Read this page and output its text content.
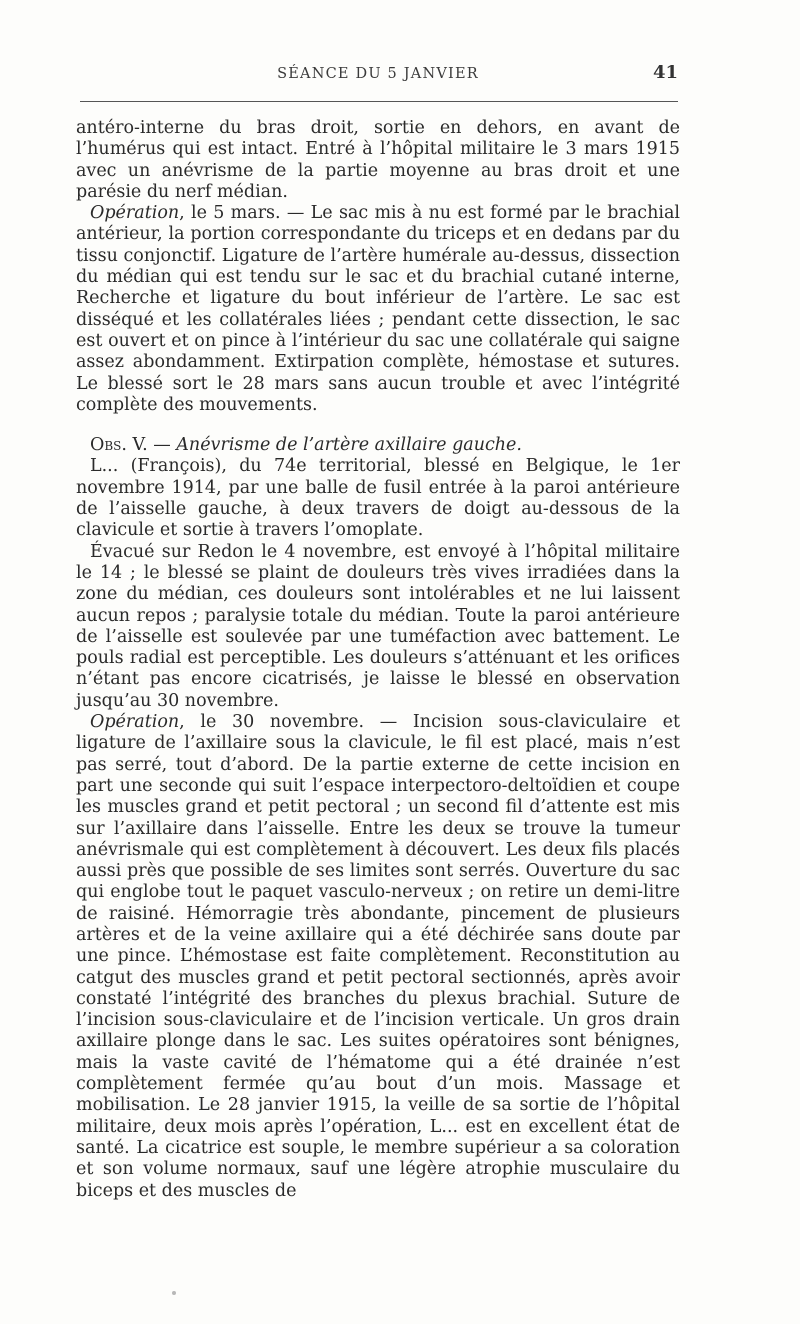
SÉANCE DU 5 JANVIER	41

antéro-interne du bras droit, sortie en dehors, en avant de l’humérus qui est intact. Entré à l’hôpital militaire le 3 mars 1915 avec un anévrisme de la partie moyenne au bras droit et une parésie du nerf médian.

Opération, le 5 mars. — Le sac mis à nu est formé par le brachial antérieur, la portion correspondante du triceps et en dedans par du tissu conjonctif. Ligature de l’artère humérale au-dessus, dissection du médian qui est tendu sur le sac et du brachial cutané interne, Recherche et ligature du bout inférieur de l’artère. Le sac est disséqué et les collatérales liées ; pendant cette dissection, le sac est ouvert et on pince à l’intérieur du sac une collatérale qui saigne assez abondamment. Extirpation complète, hémostase et sutures. Le blessé sort le 28 mars sans aucun trouble et avec l’intégrité complète des mouvements.

Obs. V. — Anévrisme de l’artère axillaire gauche.

L... (François), du 74e territorial, blessé en Belgique, le 1er novembre 1914, par une balle de fusil entrée à la paroi antérieure de l’aisselle gauche, à deux travers de doigt au-dessous de la clavicule et sortie à travers l’omoplate.

Évacué sur Redon le 4 novembre, est envoyé à l’hôpital militaire le 14 ; le blessé se plaint de douleurs très vives irradiées dans la zone du médian, ces douleurs sont intolérables et ne lui laissent aucun repos ; paralysie totale du médian. Toute la paroi antérieure de l’aisselle est soulevée par une tuméfaction avec battement. Le pouls radial est perceptible. Les douleurs s’atténuant et les orifices n’étant pas encore cicatrisés, je laisse le blessé en observation jusqu’au 30 novembre.

Opération, le 30 novembre. — Incision sous-claviculaire et ligature de l’axillaire sous la clavicule, le fil est placé, mais n’est pas serré, tout d’abord. De la partie externe de cette incision en part une seconde qui suit l’espace interpectoro-deltoïdien et coupe les muscles grand et petit pectoral ; un second fil d’attente est mis sur l’axillaire dans l’aisselle. Entre les deux se trouve la tumeur anévrismale qui est complètement à découvert. Les deux fils placés aussi près que possible de ses limites sont serrés. Ouverture du sac qui englobe tout le paquet vasculo-nerveux ; on retire un demi-litre de raisiné. Hémorragie très abondante, pincement de plusieurs artères et de la veine axillaire qui a été déchirée sans doute par une pince. L’hémostase est faite complètement. Reconstitution au catgut des muscles grand et petit pectoral sectionnés, après avoir constaté l’intégrité des branches du plexus brachial. Suture de l’incision sous-claviculaire et de l’incision verticale. Un gros drain axillaire plonge dans le sac. Les suites opératoires sont bénignes, mais la vaste cavité de l’hématome qui a été drainée n’est complètement fermée qu’au bout d’un mois. Massage et mobilisation. Le 28 janvier 1915, la veille de sa sortie de l’hôpital militaire, deux mois après l’opération, L... est en excellent état de santé. La cicatrice est souple, le membre supérieur a sa coloration et son volume normaux, sauf une légère atrophie musculaire du biceps et des muscles de
